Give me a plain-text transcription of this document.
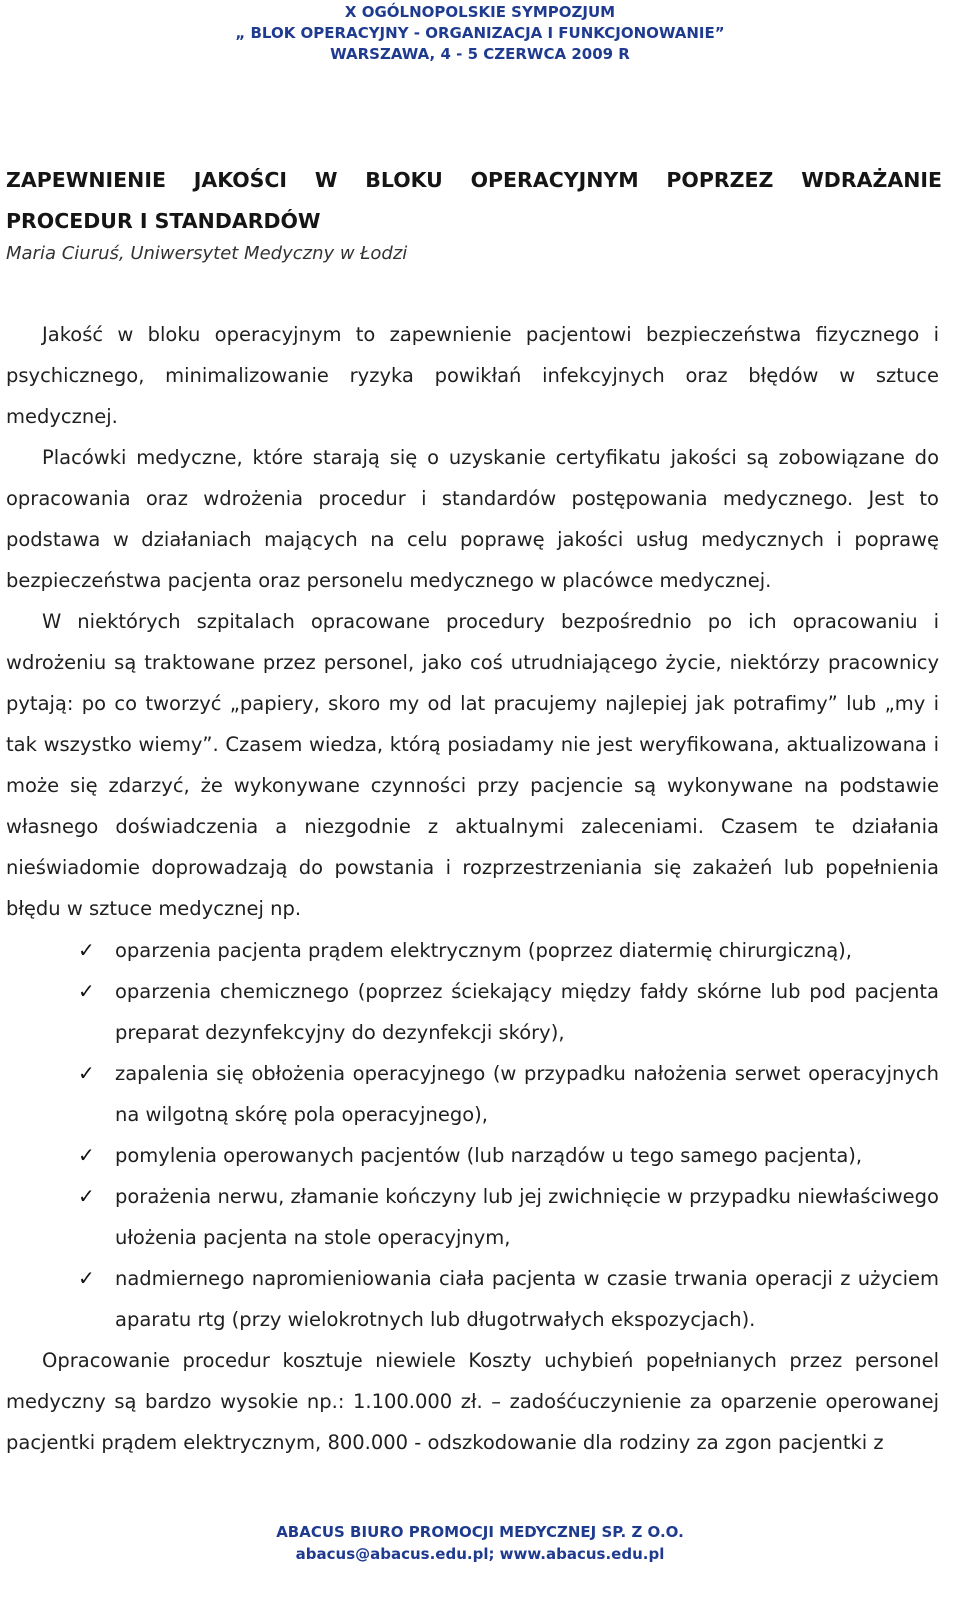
X OGÓLNOPOLSKIE SYMPOZJUM
„ BLOK OPERACYJNY - ORGANIZACJA I FUNKCJONOWANIE”
WARSZAWA, 4 - 5 CZERWCA 2009 R
ZAPEWNIENIE JAKOŚCI W BLOKU OPERACYJNYM POPRZEZ WDRAŻANIE
PROCEDUR I STANDARDÓW
Maria Ciuruś, Uniwersytet Medyczny w Łodzi
Jakość w bloku operacyjnym to zapewnienie pacjentowi bezpieczeństwa fizycznego i psychicznego, minimalizowanie ryzyka powikłań infekcyjnych oraz błędów w sztuce medycznej.
Placówki medyczne, które starają się o uzyskanie certyfikatu jakości są zobowiązane do opracowania oraz wdrożenia procedur i standardów postępowania medycznego. Jest to podstawa w działaniach mających na celu poprawę jakości usług medycznych i poprawę bezpieczeństwa pacjenta oraz personelu medycznego w placówce medycznej.
W niektórych szpitalach opracowane procedury bezpośrednio po ich opracowaniu i wdrożeniu są traktowane przez personel, jako coś utrudniającego życie, niektórzy pracownicy pytają: po co tworzyć „papiery, skoro my od lat pracujemy najlepiej jak potrafimy” lub „my i tak wszystko wiemy”. Czasem wiedza, którą posiadamy nie jest weryfikowana, aktualizowana i może się zdarzyć, że wykonywane czynności przy pacjencie są wykonywane na podstawie własnego doświadczenia a niezgodnie z aktualnymi zaleceniami. Czasem te działania nieświadomie doprowadzają do powstania i rozprzestrzeniania się zakażeń lub popełnienia błędu w sztuce medycznej np.
✓ oparzenia pacjenta prądem elektrycznym (poprzez diatermię chirurgiczną),
✓ oparzenia chemicznego (poprzez ściekający między fałdy skórne lub pod pacjenta preparat dezynfekcyjny do dezynfekcji skóry),
✓ zapalenia się obłożenia operacyjnego (w przypadku nałożenia serwet operacyjnych na wilgotną skórę pola operacyjnego),
✓ pomylenia operowanych pacjentów (lub narządów u tego samego pacjenta),
✓ porażenia nerwu, złamanie kończyny lub jej zwichnięcie w przypadku niewłaściwego ułożenia pacjenta na stole operacyjnym,
✓ nadmiernego napromieniowania ciała pacjenta w czasie trwania operacji z użyciem aparatu rtg (przy wielokrotnych lub długotrwałych ekspozycjach).
Opracowanie procedur kosztuje niewiele Koszty uchybień popełnianych przez personel medyczny są bardzo wysokie np.: 1.100.000 zł. – zadośćuczynienie za oparzenie operowanej pacjentki prądem elektrycznym, 800.000 - odszkodowanie dla rodziny za zgon pacjentki z
ABACUS BIURO PROMOCJI MEDYCZNEJ SP. Z O.O.
abacus@abacus.edu.pl; www.abacus.edu.pl
